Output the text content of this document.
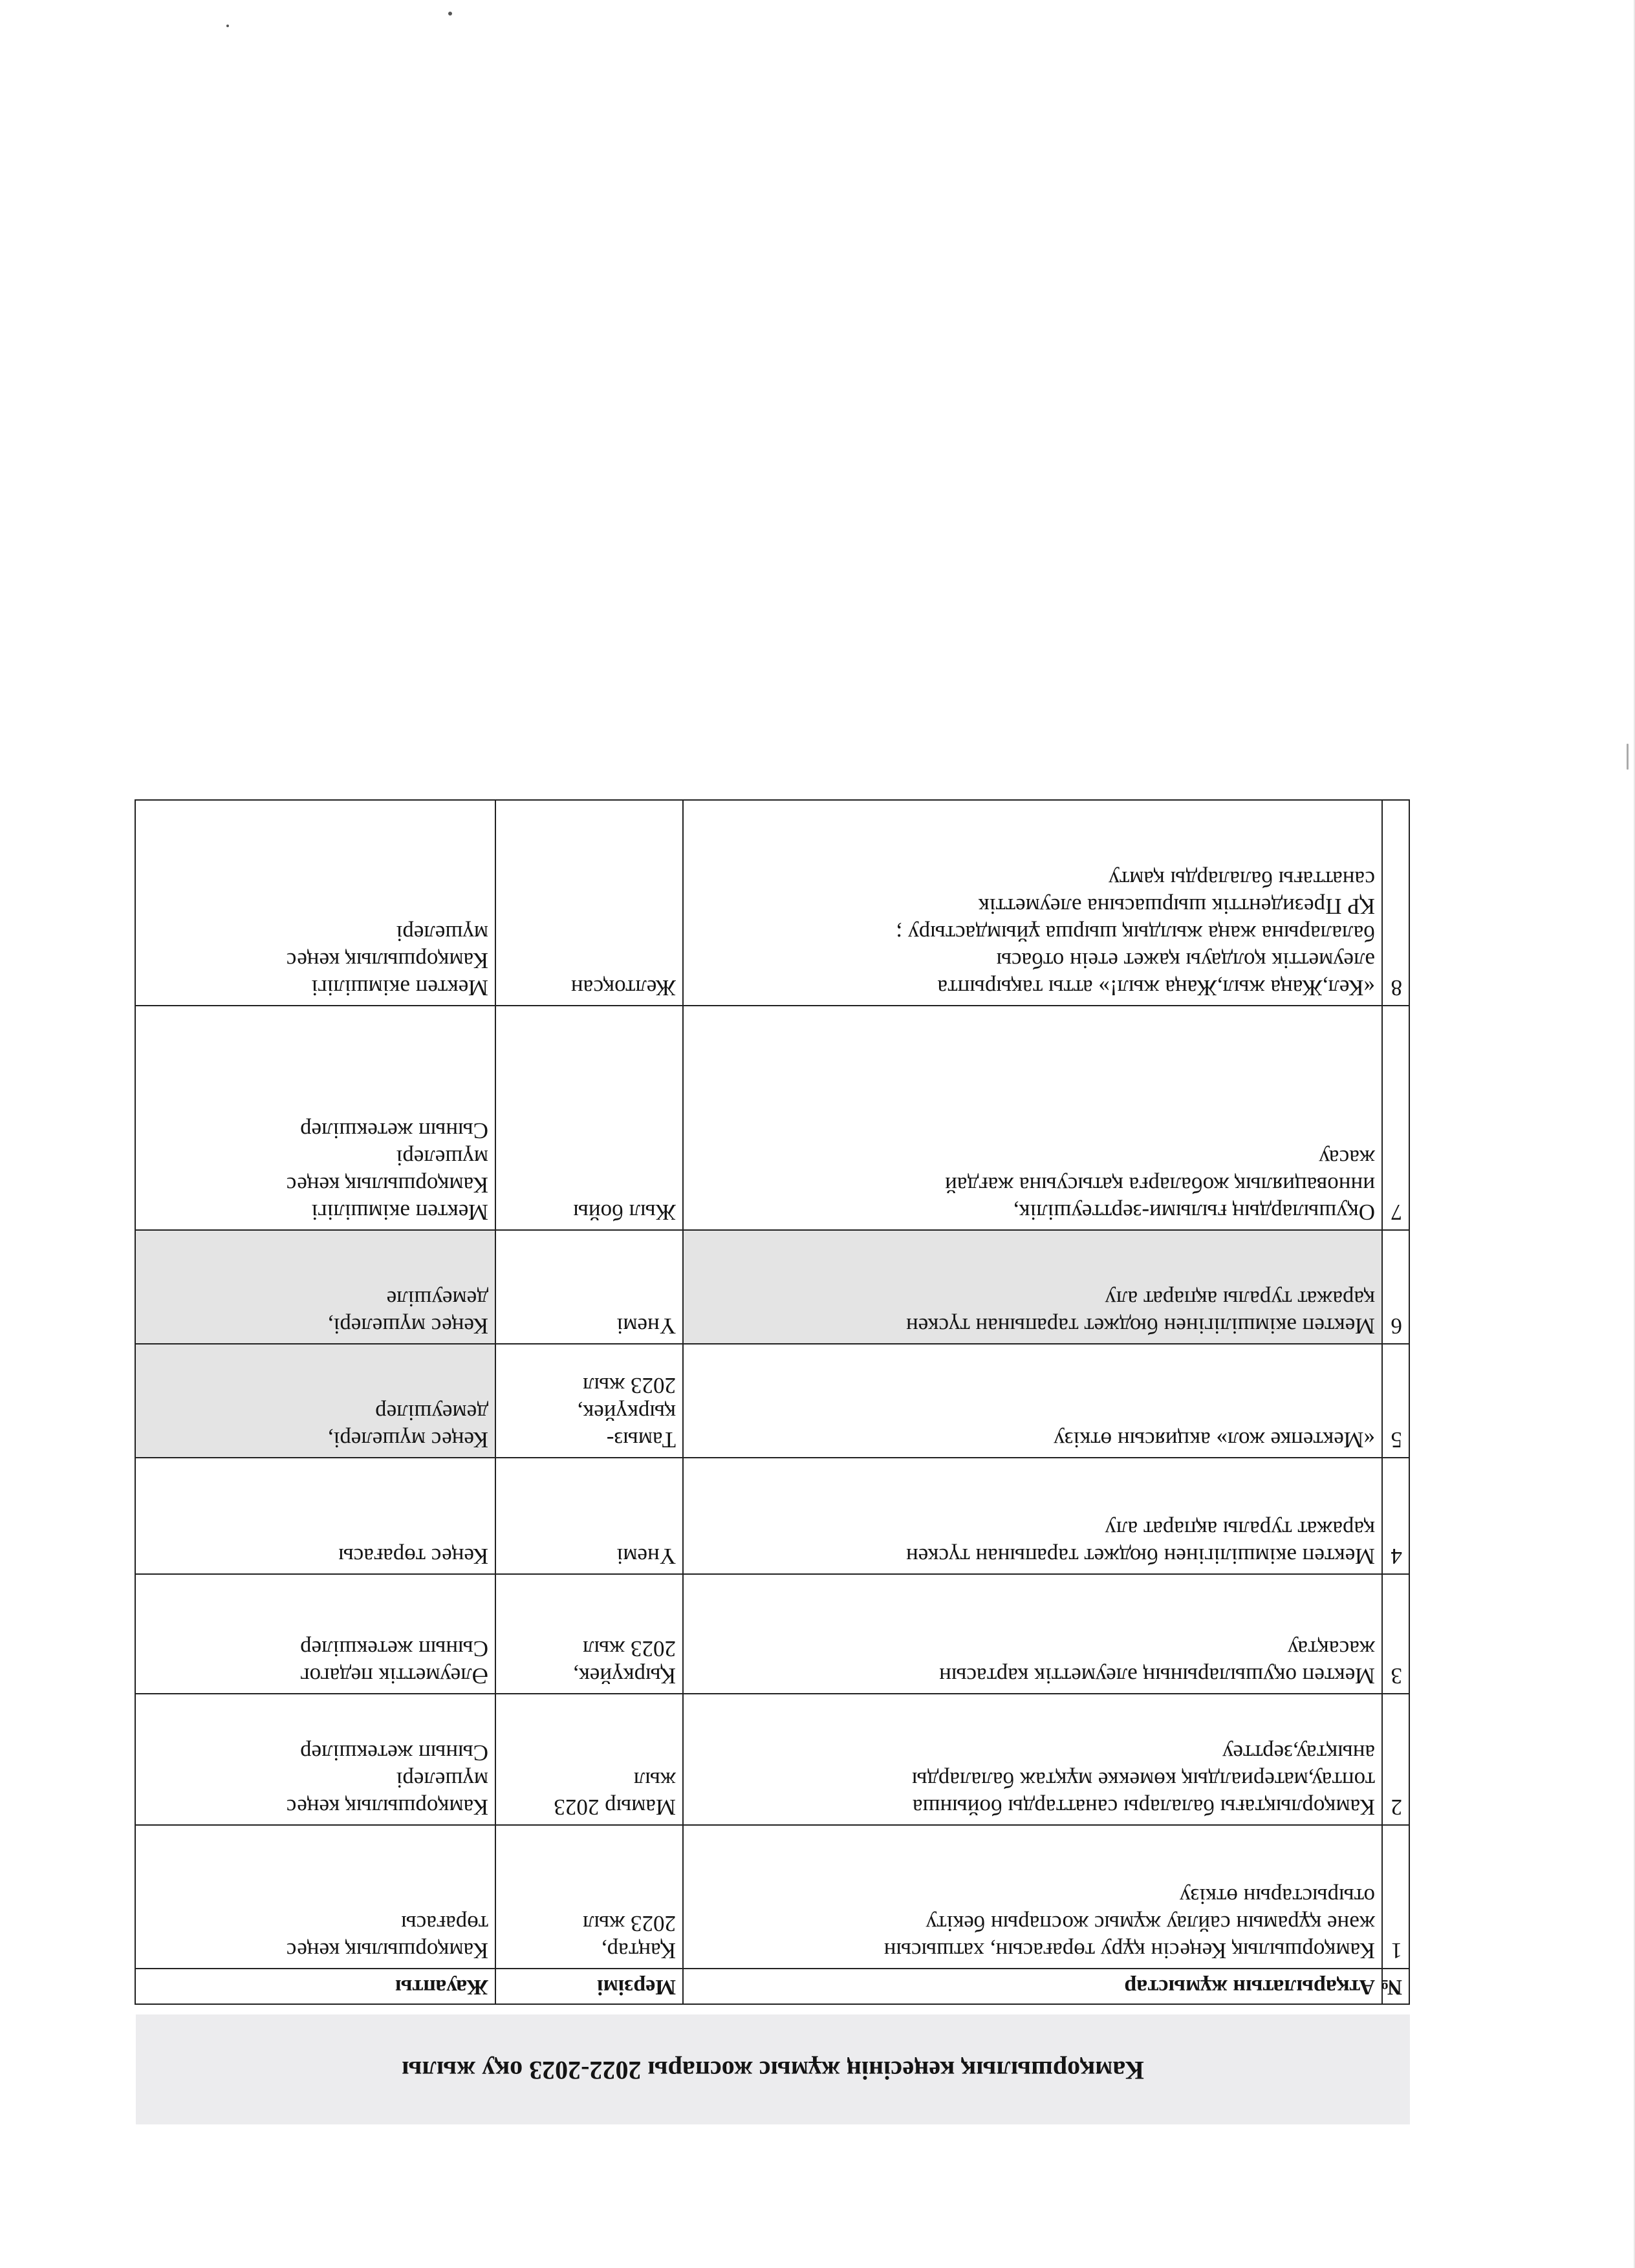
Камқоршылық кеңесінің жұмыс жоспары 2022-2023 оқу жылы
№	Атқарылатын жұмыстар	Мерзімі	Жауапты
1	Камқоршылық Кеңесін құру төрағасын, хатшысын
және құрамын сайлау жұмыс жоспарын бекіту
отырыстарын өткізу	Қаңтар,
2023 жыл	Камқоршылық кеңес
төрағасы
2	Камқорлықтағы балалары санаттарды бойынша
топтау,материалдық көмекке мұқтаж балаларды
анықтау,зерттеу	Мамыр 2023
жыл	Камқоршылық кеңес
мүшелері
Сынып жетекшілер
3	Мектеп оқушыларының әлеуметтік картасын
жасақтау	Қыркүйек,
2023 жыл	Әлеуметтік педагог
Сынып жетекшілер
4	Мектеп әкімшілігінен бюджет тарапынан түскен
қаражат туралы ақпарат алу	Үнемі	Кеңес төрағасы
5	«Мектепке жол» акциясын өткізу	Тамыз-
қыркүйек,
2023 жыл	Кеңес мүшелері,
демеушілер
6	Мектеп әкімшілігінен бюджет тарапынан түскен
қаражат туралы ақпарат алу	Үнемі	Кеңес мүшелері,
демеушіле
7	Оқушылардың ғылыми-зерттеушілік,
инновациялық жобаларға қатысуына жағдай
жасау	Жыл бойы	Мектеп әкімшілігі
Камқоршылық кеңес
мүшелері
Сынып жетекшілер
8	«Кел,Жаңа жыл,Жаңа жыл!» атты тақырыпта
әлеуметтік қолдауы қажет етеін отбасы
балаларына жаңа жылдық шырша ұйымдастыру ;
ҚР Президенттік шыршасына әлеуметтік
санаттағы балаларды қамту	Желтоқсан	Мектеп әкімшілігі
Камқоршылық кеңес
мүшелері
